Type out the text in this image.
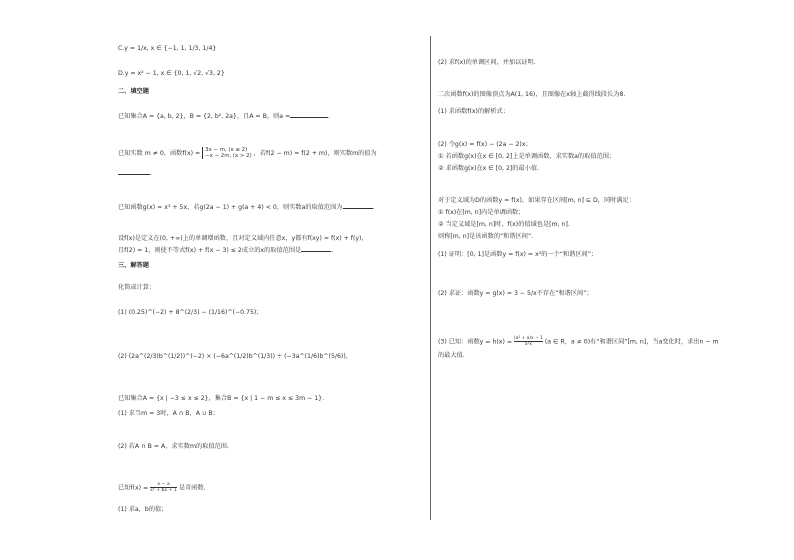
C.y = 1/x, x ∈ {−1, 1, 1/3, 1/4}
D.y = x² − 1, x ∈ {0, 1, √2, √3, 2}
二、填空题
已知集合A = {a, b, 2}，B = {2, b², 2a}，且A = B，则a =	.
已知实数 m ≠ 0，函数f(x) = 3x − m, (x ≤ 2)
−x − 2m, (x > 2) ，若f(2 − m) = f(2 + m)，则实数m的值为
.
已知函数g(x) = x³ + 5x，若g(2a − 1) + g(a + 4) < 0，则实数a的取值范围为	.
设f(x)是定义在(0, +∞)上的单调增函数，且对定义域内任意x，y都有f(xy) = f(x) + f(y)，
且f(2) = 1，则使不等式f(x) + f(x − 3) ≤ 2成立的x的取值范围是	.
三、解答题
化简或计算：
(1) (0.25)^(−2) + 8^(2/3) − (1/16)^(−0.75)；
(2) (2a^(2/3)b^(1/2))^(−2) × (−6a^(1/2)b^(1/3)) ÷ (−3a^(1/6)b^(5/6))，
已知集合A = {x | −3 ≤ x ≤ 2}，集合B = {x | 1 − m ≤ x ≤ 3m − 1}.
(1) 求当m = 3时，A ∩ B，A ∪ B；
(2) 若A ∩ B = A，求实数m的取值范围.
已知$f(x) = \frac{x - a}{\text{x² + bx + 1}}$ 是奇函数.
(1) 求a，b的值；
(2) 求f(x)的单调区间，并加以证明.
二次函数f(x)的图像顶点为A(1, 16)，且图像在x轴上截得线段长为8.
(1) 求函数f(x)的解析式；
(2) 令g(x) = f(x) − (2a − 2)x；
① 若函数g(x)在x ∈ [0, 2]上是单调函数，求实数a的取值范围；
② 求函数g(x)在x ∈ [0, 2]的最小值.
对于定义域为D的函数y = f(x)，如果存在区间[m, n] ⊆ D，同时满足：
① f(x)在[m, n]内是单调函数；
② 当定义域是[m, n]时，f(x)的值域也是[m, n].
则称[m, n]是该函数的“和谐区间”.
(1) 证明：[0, 1]是函数y = f(x) = x²的一个“和谐区间”；
(2) 求证：函数y = g(x) = 3 − 5/x不存在“和谐区间”；
(3) 已知：函数$y = h(x) = \frac{\text{(a² + a)x − 1}}{\text{a²x}} (a$ ∈ R，a ≠ 0)有“和谐区间”[m, n]，当a变化时，求出n − m
的最大值.
